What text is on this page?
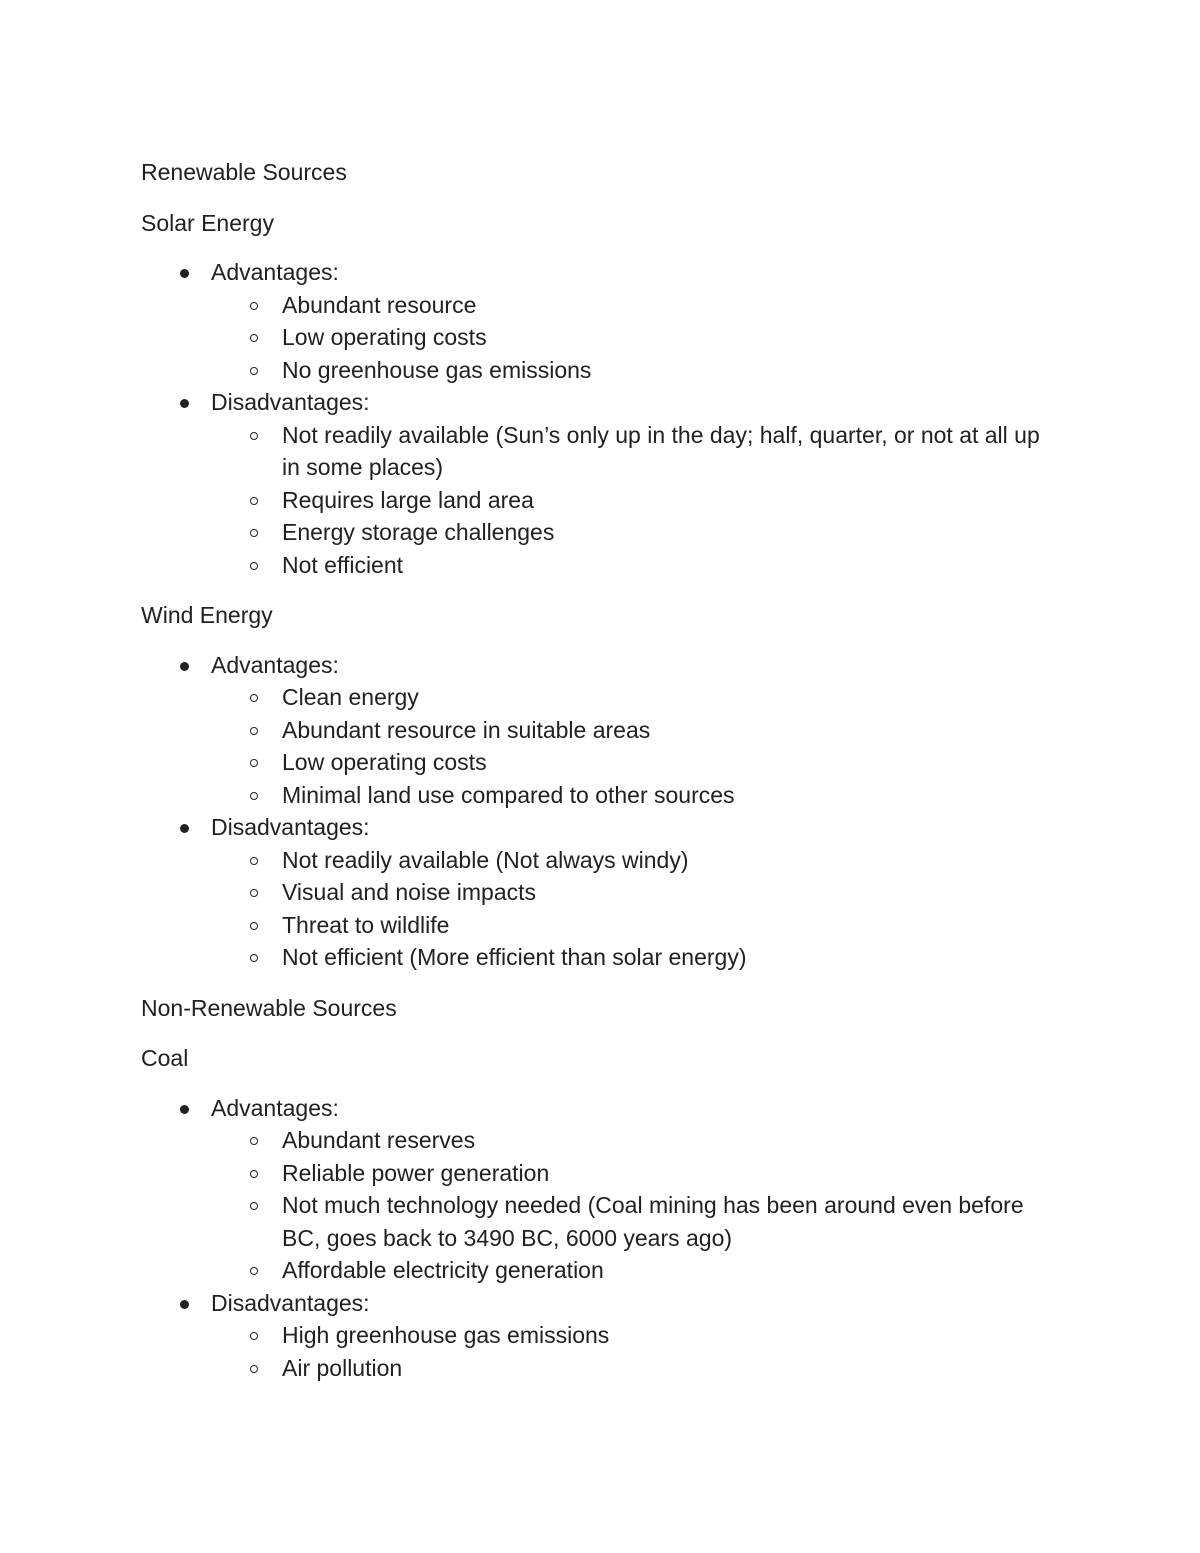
Renewable Sources

Solar Energy

Advantages:
Abundant resource
Low operating costs
No greenhouse gas emissions
Disadvantages:
Not readily available (Sun’s only up in the day; half, quarter, or not at all up in some places)
Requires large land area
Energy storage challenges
Not efficient

Wind Energy

Advantages:
Clean energy
Abundant resource in suitable areas
Low operating costs
Minimal land use compared to other sources
Disadvantages:
Not readily available (Not always windy)
Visual and noise impacts
Threat to wildlife
Not efficient (More efficient than solar energy)

Non-Renewable Sources

Coal

Advantages:
Abundant reserves
Reliable power generation
Not much technology needed (Coal mining has been around even before BC, goes back to 3490 BC, 6000 years ago)
Affordable electricity generation
Disadvantages:
High greenhouse gas emissions
Air pollution
